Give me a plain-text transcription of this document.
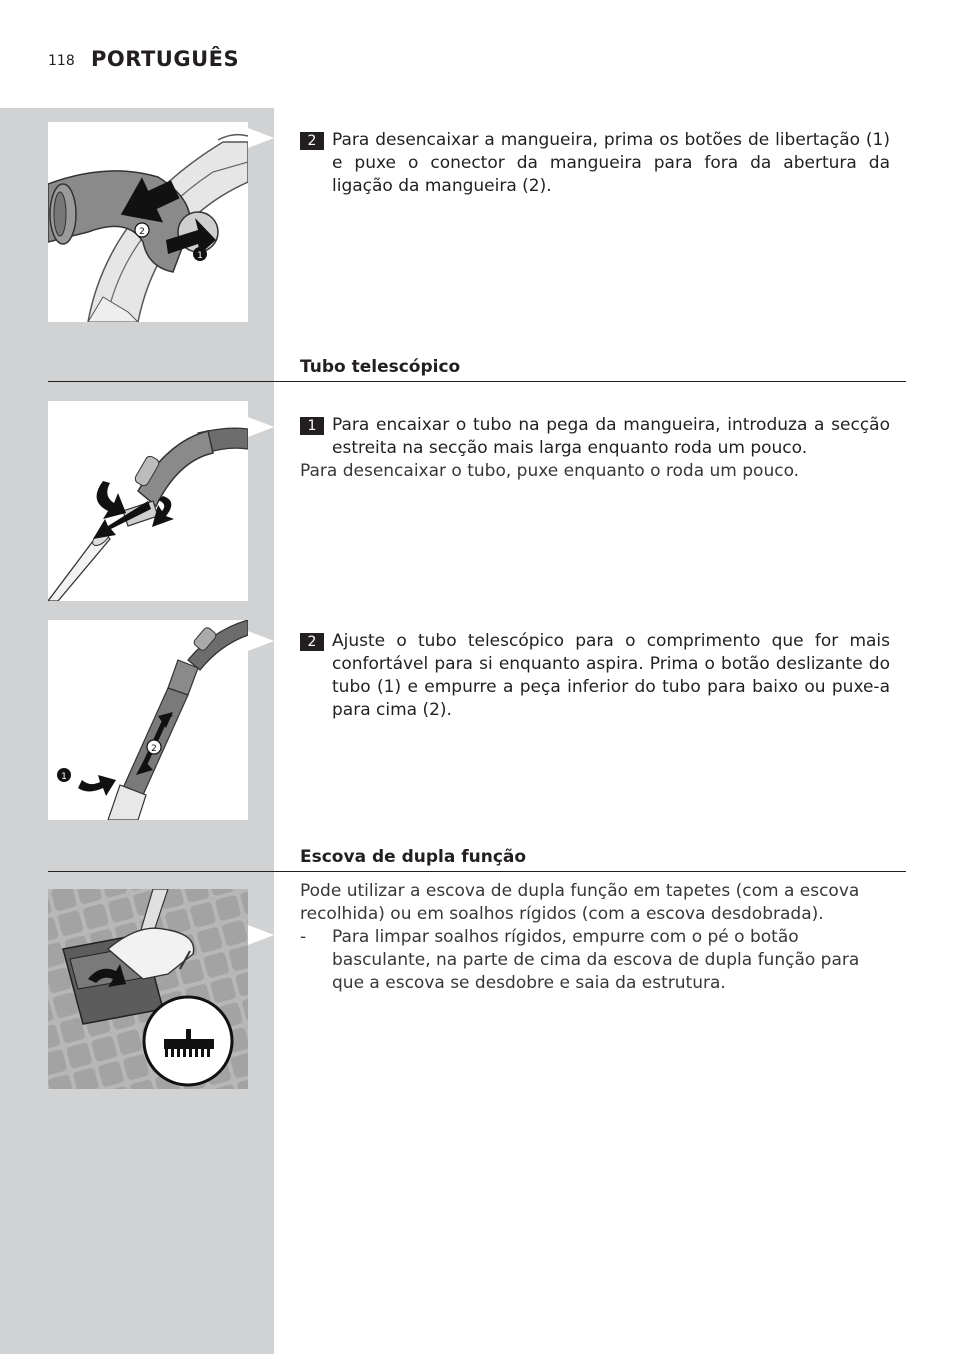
118 PORTUGUÊS
2
1
2 Para desencaixar a mangueira, prima os botões de libertação (1) e puxe o conector da mangueira para fora da abertura da ligação da mangueira (2).
Tubo telescópico
1 Para encaixar o tubo na pega da mangueira, introduza a secção estreita na secção mais larga enquanto roda um pouco.
Para desencaixar o tubo, puxe enquanto o roda um pouco.
2
1
2 Ajuste o tubo telescópico para o comprimento que for mais confortável para si enquanto aspira. Prima o botão deslizante do tubo (1) e empurre a peça inferior do tubo para baixo ou puxe-a para cima (2).
Escova de dupla função
Pode utilizar a escova de dupla função em tapetes (com a escova recolhida) ou em soalhos rígidos (com a escova desdobrada).
- Para limpar soalhos rígidos, empurre com o pé o botão basculante, na parte de cima da escova de dupla função para que a escova se desdobre e saia da estrutura.
